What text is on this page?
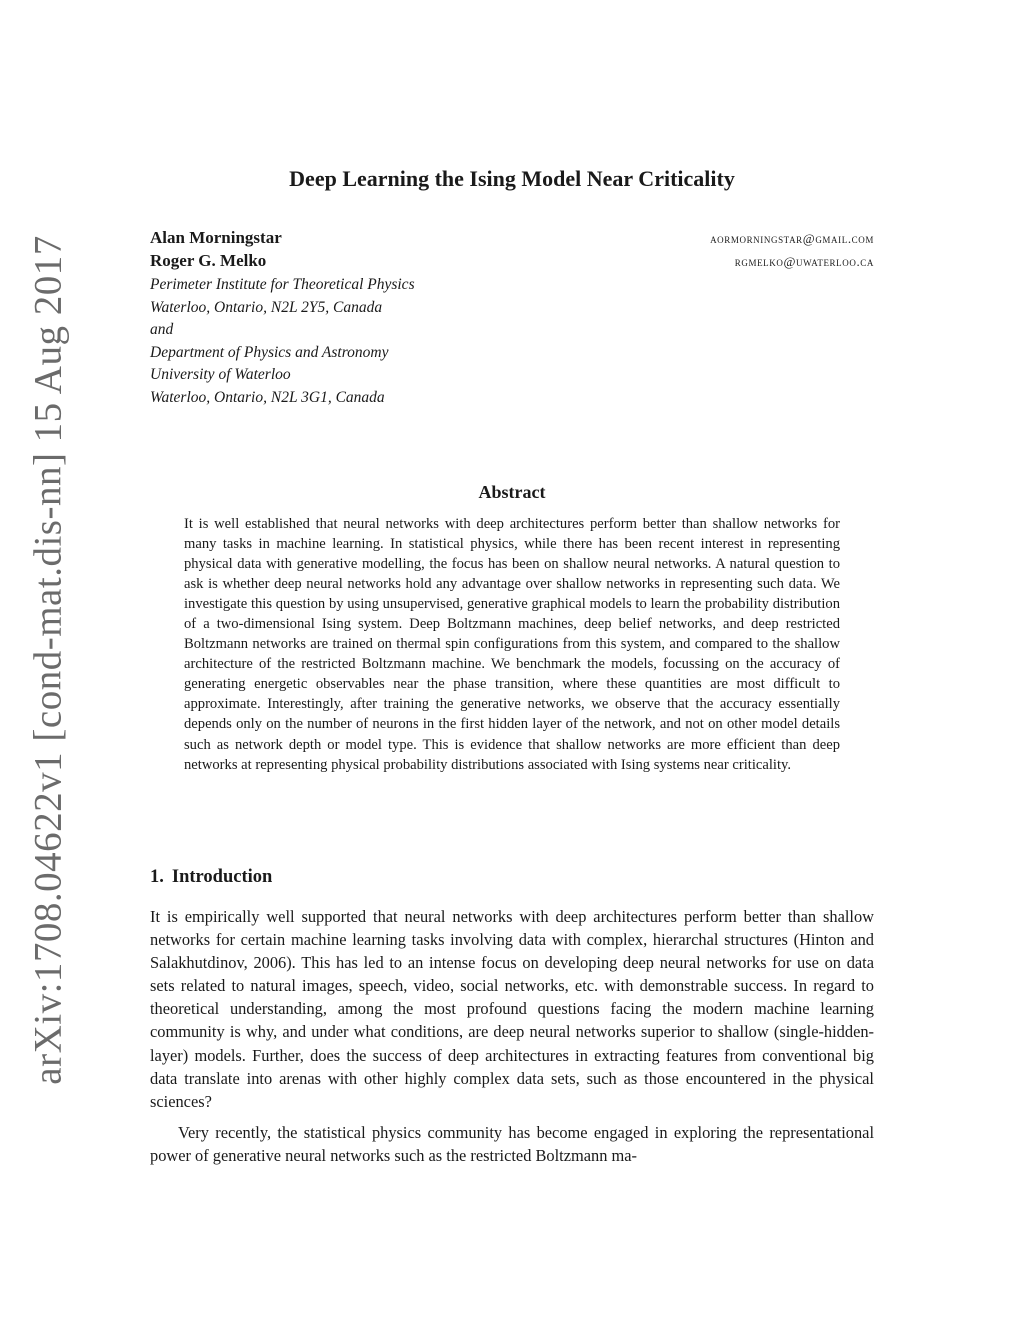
arXiv:1708.04622v1 [cond-mat.dis-nn] 15 Aug 2017
Deep Learning the Ising Model Near Criticality
Alan Morningstar	aormorningstar@gmail.com
Roger G. Melko	rgmelko@uwaterloo.ca
Perimeter Institute for Theoretical Physics
Waterloo, Ontario, N2L 2Y5, Canada
and
Department of Physics and Astronomy
University of Waterloo
Waterloo, Ontario, N2L 3G1, Canada
Abstract

It is well established that neural networks with deep architectures perform better than shallow networks for many tasks in machine learning. In statistical physics, while there has been recent interest in representing physical data with generative modelling, the focus has been on shallow neural networks. A natural question to ask is whether deep neural networks hold any advantage over shallow networks in representing such data. We investigate this question by using unsupervised, generative graphical models to learn the probability distribution of a two-dimensional Ising system. Deep Boltzmann machines, deep belief networks, and deep restricted Boltzmann networks are trained on thermal spin configurations from this system, and compared to the shallow architecture of the restricted Boltzmann machine. We benchmark the models, focussing on the accuracy of generating energetic observables near the phase transition, where these quantities are most difficult to approximate. Interestingly, after training the generative networks, we observe that the accuracy essentially depends only on the number of neurons in the first hidden layer of the network, and not on other model details such as network depth or model type. This is evidence that shallow networks are more efficient than deep networks at representing physical probability distributions associated with Ising systems near criticality.

1. Introduction

It is empirically well supported that neural networks with deep architectures perform better than shallow networks for certain machine learning tasks involving data with complex, hierarchal structures (Hinton and Salakhutdinov, 2006). This has led to an intense focus on developing deep neural networks for use on data sets related to natural images, speech, video, social networks, etc. with demonstrable success. In regard to theoretical understanding, among the most profound questions facing the modern machine learning community is why, and under what conditions, are deep neural networks superior to shallow (single-hidden-layer) models. Further, does the success of deep architectures in extracting features from conventional big data translate into arenas with other highly complex data sets, such as those encountered in the physical sciences?

Very recently, the statistical physics community has become engaged in exploring the representational power of generative neural networks such as the restricted Boltzmann ma-
